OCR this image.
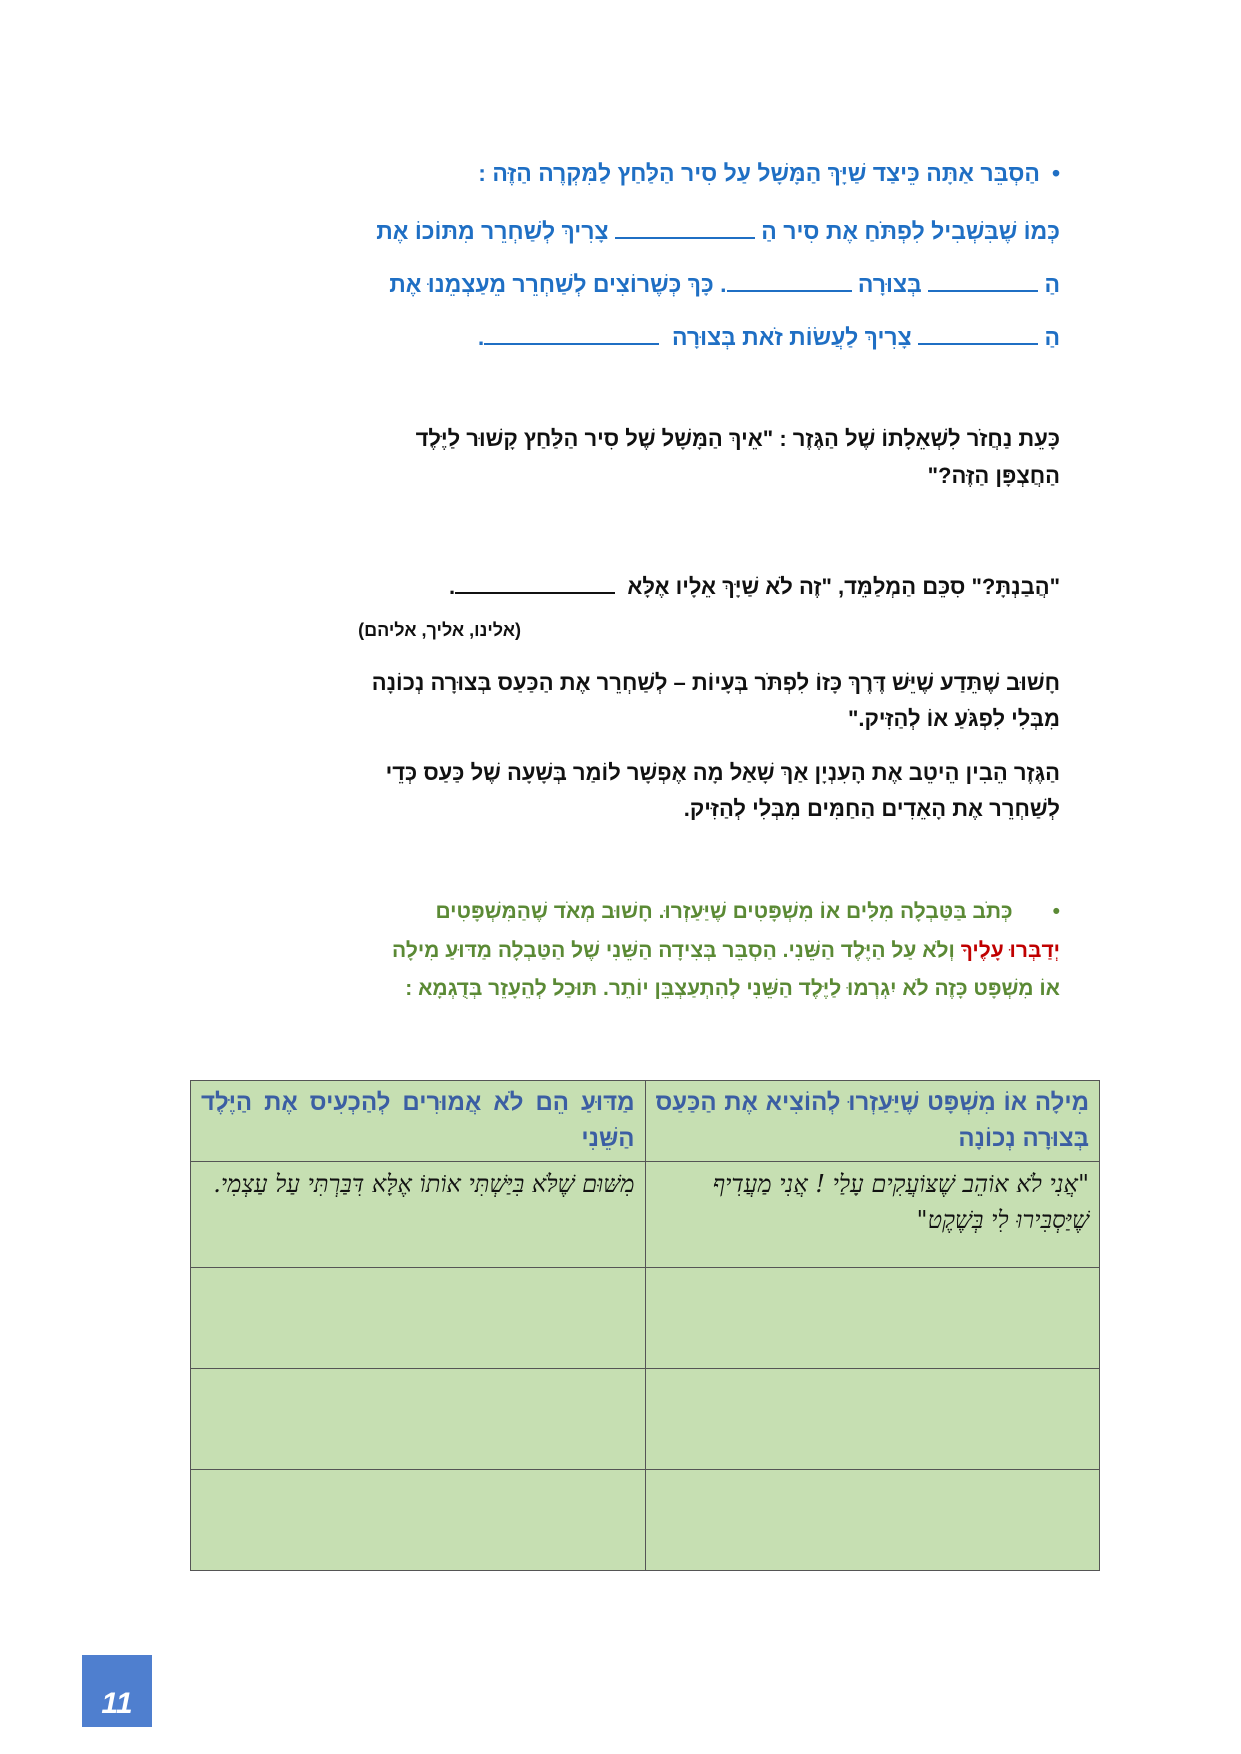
•הַסְבֵּר אַתָּה כֵּיצַד שַׁיָּךְ הַמָּשָׁל עַל סִיר הַלַּחַץ לַמִּקְרֶה הַזֶּה :
כְּמוֹ שֶׁבִּשְׁבִיל לִפְתֹּחַ אֶת סִיר הַ  צָרִיךְ לְשַׁחְרֵר מִתּוֹכוֹ אֶת
הַ  בְּצוּרָה . כָּךְ כְּשֶׁרוֹצִים לְשַׁחְרֵר מֵעַצְמֵנוּ אֶת
הַ  צָרִיךְ לַעֲשׂוֹת זֹאת בְּצוּרָה  .
כָּעֵת נַחֲזֹר לִשְׁאֵלָתוֹ שֶׁל הַגֶּזֶר : "אֵיךְ הַמָּשָׁל שֶׁל סִיר הַלַּחַץ קָשׁוּר לַיֶּלֶד
הַחֲצְפָּן הַזֶּה?"
"הֲבַנְתָּ?" סִכֵּם הַמְלַמֵּד, "זֶה לֹא שַׁיָּךְ אֵלָיו אֶלָּא  .
(אלינו, אליך, אליהם)
חָשׁוּב שֶׁתֵּדַע שֶׁיֵּשׁ דֶּרֶךְ כָּזוֹ לִפְתֹּר בְּעָיוֹת – לְשַׁחְרֵר אֶת הַכַּעַס בְּצוּרָה נְכוֹנָה
מִבְּלִי לִפְגֹּעַ אוֹ לְהַזִּיק."
הַגֶּזֶר הֵבִין הֵיטֵב אֶת הָעִנְיָן אַךְ שָׁאַל מָה אֶפְשָׁר לוֹמַר בְּשָׁעָה שֶׁל כַּעַס כְּדֵי
לְשַׁחְרֵר אֶת הָאֵדִים הַחַמִּים מִבְּלִי לְהַזִּיק.
•כְּתֹב בַּטַּבְלָה מִלִּים אוֹ מִשְׁפָּטִים שֶׁיַּעַזְרוּ. חָשׁוּב מְאֹד שֶׁהַמִּשְׁפָּטִים
יְדַבְּרוּ עָלֶיךָ וְלֹא עַל הַיֶּלֶד הַשֵּׁנִי. הַסְבֵּר בְּצִידָה הַשֵּׁנִי שֶׁל הַטַּבְלָה מַדּוּעַ מִילָה
אוֹ מִשְׁפָּט כָּזֶה לֹא יִגְרְמוּ לַיֶּלֶד הַשֵּׁנִי לְהִתְעַצְבֵּן יוֹתֵר. תּוּכַל לְהֵעָזֵר בְּדֻגְמָא :
מִילָה אוֹ מִשְׁפָּט שֶׁיַּעַזְרוּ לְהוֹצִיא אֶת הַכַּעַס בְּצוּרָה נְכוֹנָה	מַדּוּעַ הֵם לֹא אֲמוּרִים לְהַכְעִיס אֶת הַיֶּלֶד הַשֵּׁנִי
"אֲנִי לֹא אוֹהֵב שֶׁצּוֹעֲקִים עָלַי ! אֲנִי מַעֲדִיף שֶׁיַּסְבִּירוּ לִי בְּשֶׁקֶט"	מִשּׁוּם שֶׁלֹּא בִּיַּשְׁתִּי אוֹתוֹ אֶלָּא דִּבַּרְתִּי עַל עַצְמִי.

11
